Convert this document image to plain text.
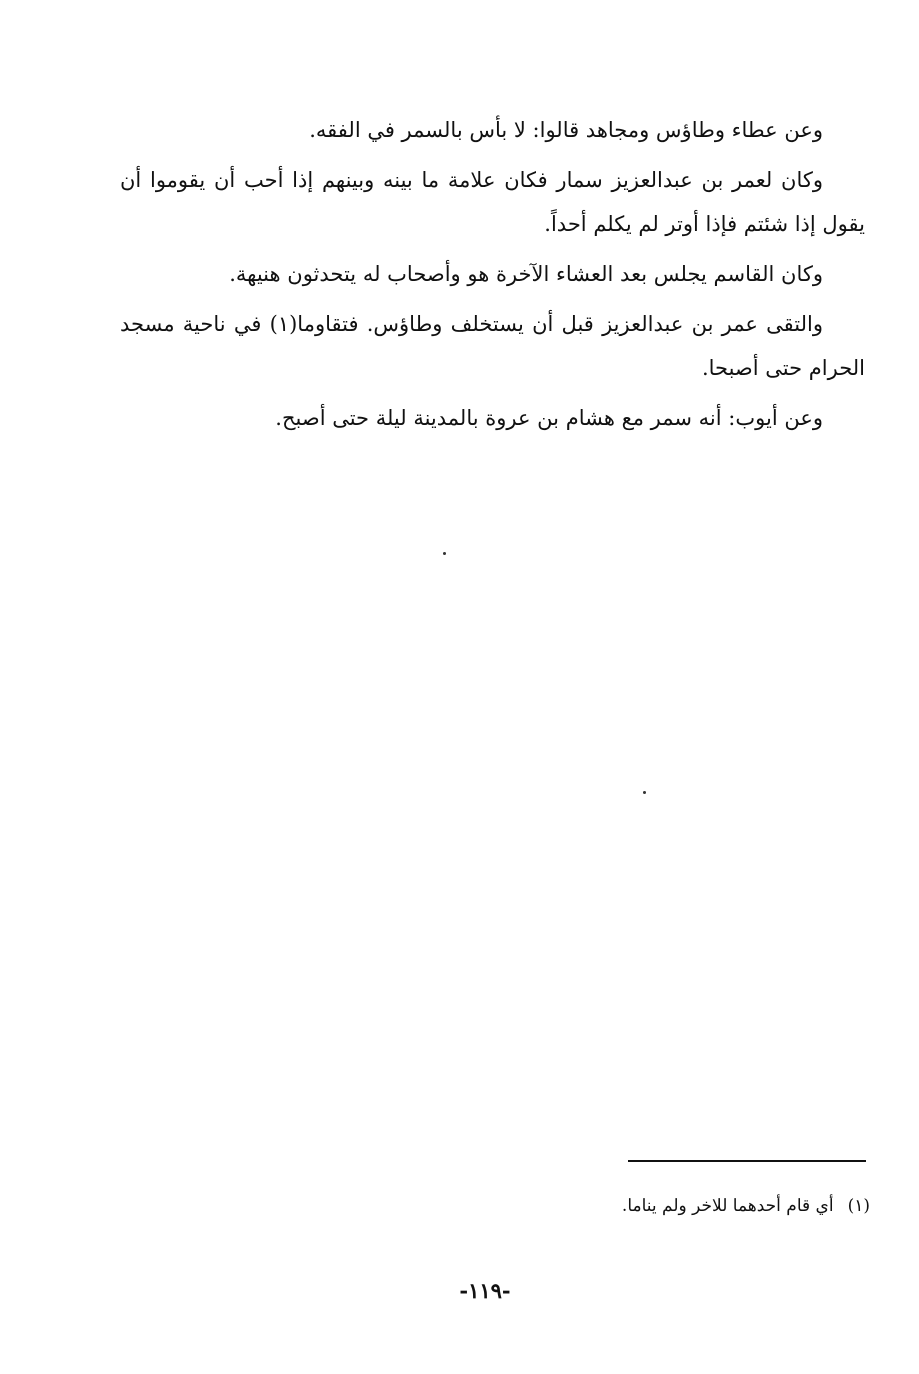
وعن عطاء وطاؤس ومجاهد قالوا: لا بأس بالسمر في الفقه.

وكان لعمر بن عبدالعزيز سمار فكان علامة ما بينه وبينهم إذا أحب أن يقوموا أن يقول إذا شئتم فإذا أوتر لم يكلم أحداً.

وكان القاسم يجلس بعد العشاء الآخرة هو وأصحاب له يتحدثون هنيهة.

والتقى عمر بن عبدالعزيز قبل أن يستخلف وطاؤس. فتقاوما(١) في ناحية مسجد الحرام حتى أصبحا.

وعن أيوب: أنه سمر مع هشام بن عروة بالمدينة ليلة حتى أصبح.

(١)أي قام أحدهما للاخر ولم يناما.
-١١٩-
